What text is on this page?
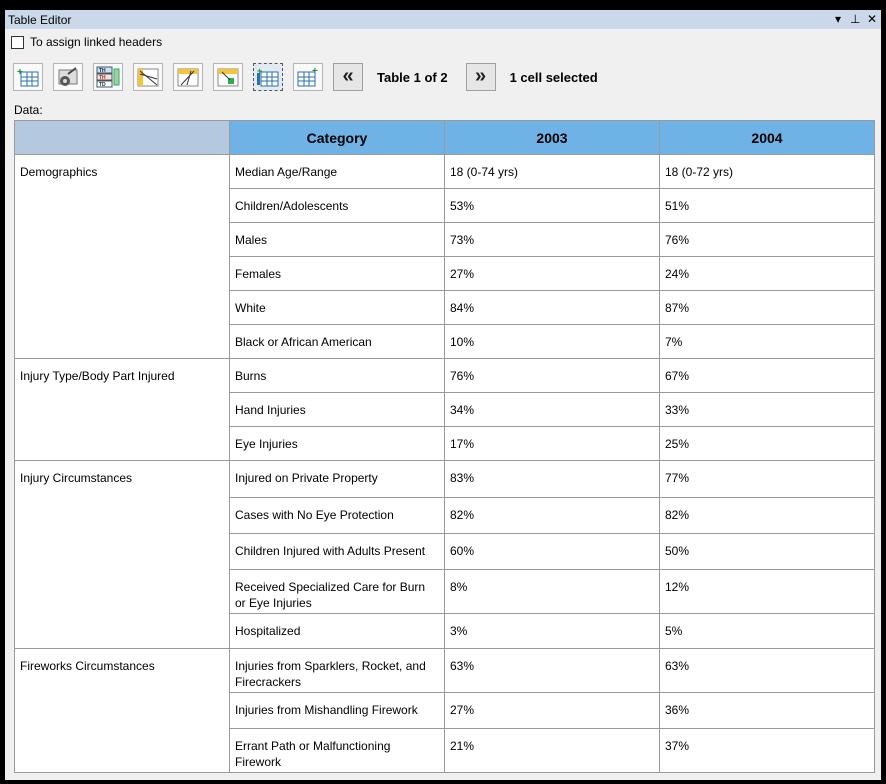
Table Editor	▾ ⊥ ✕
To assign linked headers
+	TH
TH
TD
+	+	«	Table 1 of 2	»	1 cell selected
Data:
	Category	2003	2004
Demographics	Median Age/Range	18 (0-74 yrs)	18 (0-72 yrs)
	Children/Adolescents	53%	51%
	Males	73%	76%
	Females	27%	24%
	White	84%	87%
	Black or African American	10%	7%
Injury Type/Body Part Injured	Burns	76%	67%
	Hand Injuries	34%	33%
	Eye Injuries	17%	25%
Injury Circumstances	Injured on Private Property	83%	77%
	Cases with No Eye Protection	82%	82%
	Children Injured with Adults Present	60%	50%
	Received Specialized Care for Burn or Eye Injuries	8%	12%
	Hospitalized	3%	5%
Fireworks Circumstances	Injuries from Sparklers, Rocket, and Firecrackers	63%	63%
	Injuries from Mishandling Firework	27%	36%
	Errant Path or Malfunctioning Firework	21%	37%
